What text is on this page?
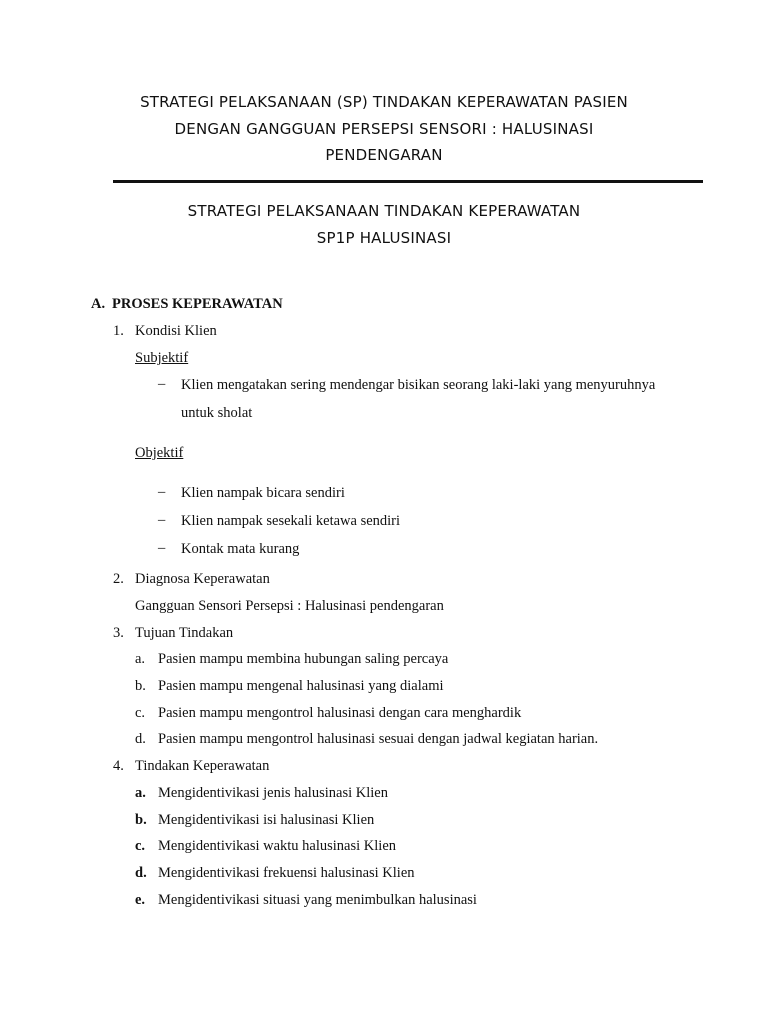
STRATEGI PELAKSANAAN (SP) TINDAKAN KEPERAWATAN PASIEN
DENGAN GANGGUAN PERSEPSI SENSORI : HALUSINASI
PENDENGARAN
STRATEGI PELAKSANAAN TINDAKAN KEPERAWATAN
SP1P HALUSINASI
A. PROSES KEPERAWATAN
1. Kondisi Klien
Subjektif
– Klien mengatakan sering mendengar bisikan seorang laki-laki yang menyuruhnya
untuk sholat
Objektif
– Klien nampak bicara sendiri
– Klien nampak sesekali ketawa sendiri
– Kontak mata kurang
2. Diagnosa Keperawatan
Gangguan Sensori Persepsi : Halusinasi pendengaran
3. Tujuan Tindakan
a. Pasien mampu membina hubungan saling percaya
b. Pasien mampu mengenal halusinasi yang dialami
c. Pasien mampu mengontrol halusinasi dengan cara menghardik
d. Pasien mampu mengontrol halusinasi sesuai dengan jadwal kegiatan harian.
4. Tindakan Keperawatan
a. Mengidentivikasi jenis halusinasi Klien
b. Mengidentivikasi isi halusinasi Klien
c. Mengidentivikasi waktu halusinasi Klien
d. Mengidentivikasi frekuensi halusinasi Klien
e. Mengidentivikasi situasi yang menimbulkan halusinasi
